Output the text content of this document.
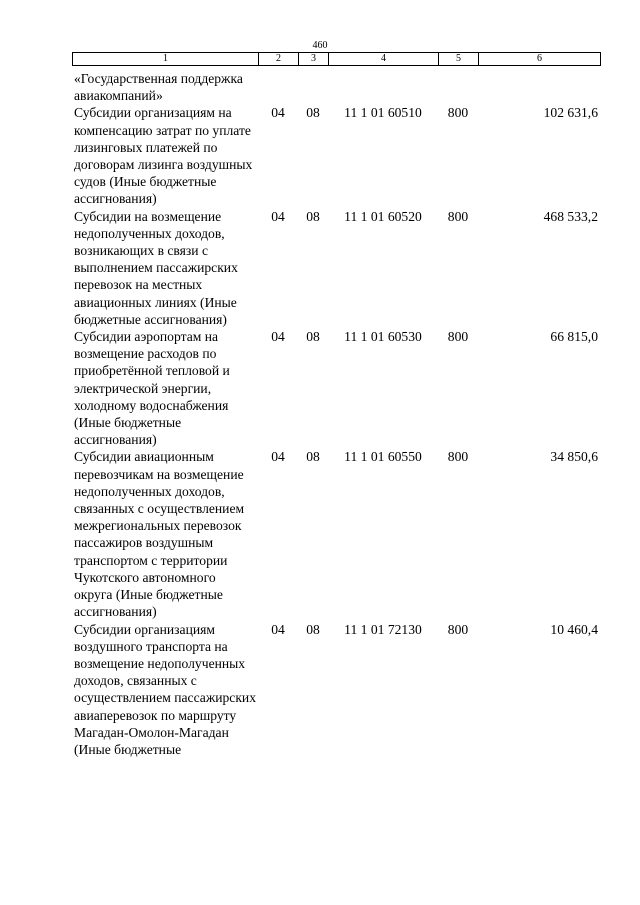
460
1	2	3	4	5	6
«Государственная поддержка авиакомпаний»					
Субсидии организациям на компенсацию затрат по уплате лизинговых платежей по договорам лизинга воздушных судов (Иные бюджетные ассигнования)	04	08	11 1 01 60510	800	102 631,6
Субсидии на возмещение недополученных доходов, возникающих в связи с выполнением пассажирских перевозок на местных авиационных линиях (Иные бюджетные ассигнования)	04	08	11 1 01 60520	800	468 533,2
Субсидии аэропортам на возмещение расходов по приобретённой тепловой и электрической энергии, холодному водоснабжения (Иные бюджетные ассигнования)	04	08	11 1 01 60530	800	66 815,0
Субсидии авиационным перевозчикам на возмещение недополученных доходов, связанных с осуществлением межрегиональных перевозок пассажиров воздушным транспортом с территории Чукотского автономного округа (Иные бюджетные ассигнования)	04	08	11 1 01 60550	800	34 850,6
Субсидии организациям воздушного транспорта на возмещение недополученных доходов, связанных с осуществлением пассажирских авиаперевозок по маршруту Магадан-Омолон-Магадан (Иные бюджетные	04	08	11 1 01 72130	800	10 460,4
